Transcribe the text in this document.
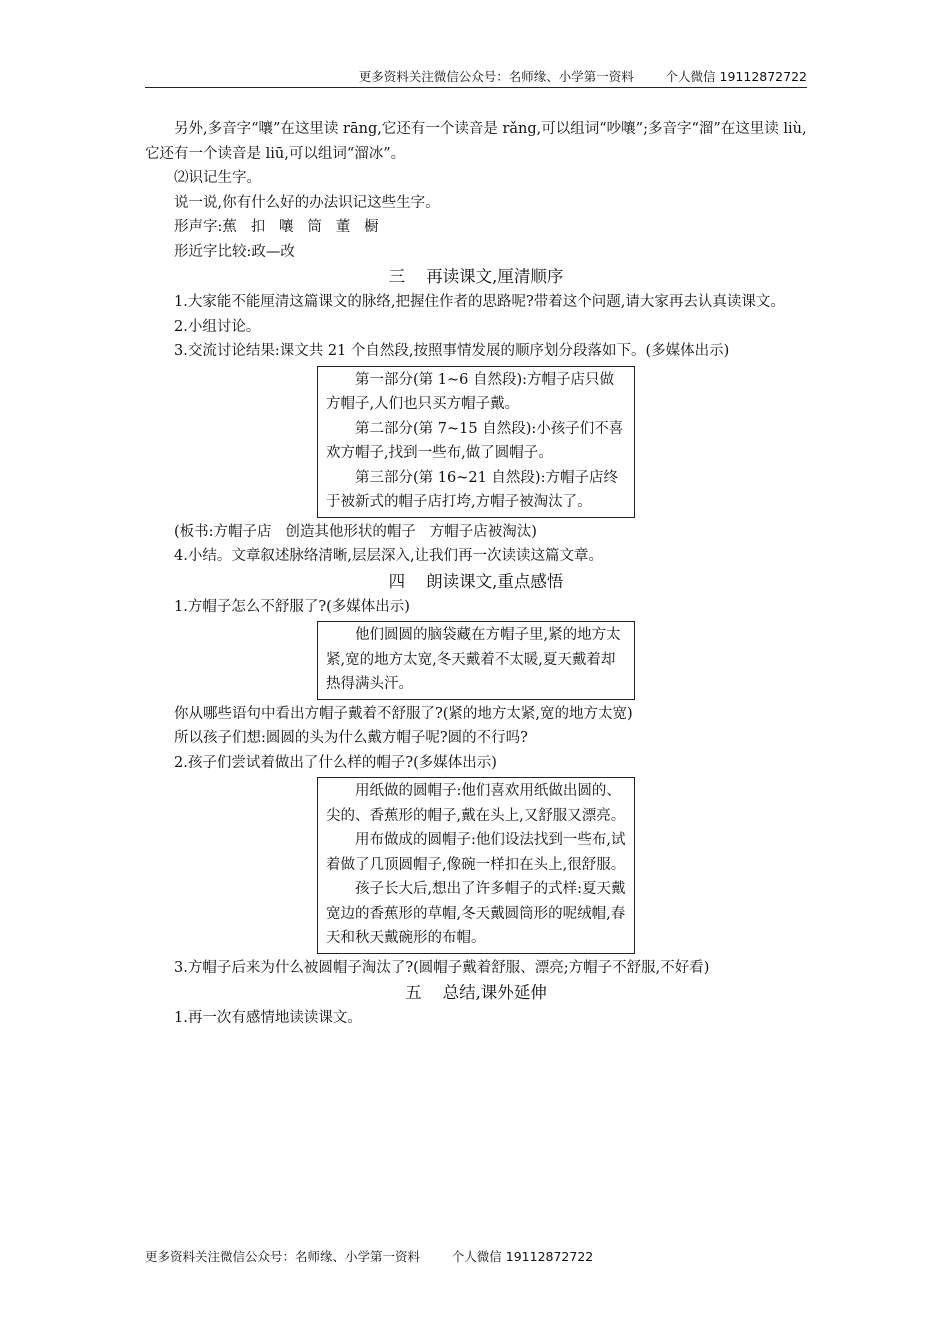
更多资料关注微信公众号：名师缘、小学第一资料        个人微信 19112872722

另外,多音字“嚷”在这里读 rāng,它还有一个读音是 rǎng,可以组词“吵嚷”;多音字“溜”在这里读 liù,它还有一个读音是 liū,可以组词“溜冰”。

⑵识记生字。

说一说,你有什么好的办法识记这些生字。

形声字:蕉   扣   嚷   筒   董   橱

形近字比较:政—改

三    再读课文,厘清顺序

1.大家能不能厘清这篇课文的脉络,把握住作者的思路呢?带着这个问题,请大家再去认真读课文。

2.小组讨论。

3.交流讨论结果:课文共 21 个自然段,按照事情发展的顺序划分段落如下。(多媒体出示)

第一部分(第 1~6 自然段):方帽子店只做方帽子,人们也只买方帽子戴。

第二部分(第 7~15 自然段):小孩子们不喜欢方帽子,找到一些布,做了圆帽子。

第三部分(第 16~21 自然段):方帽子店终于被新式的帽子店打垮,方帽子被淘汰了。

(板书:方帽子店   创造其他形状的帽子   方帽子店被淘汰)

4.小结。文章叙述脉络清晰,层层深入,让我们再一次读读这篇文章。

四    朗读课文,重点感悟

1.方帽子怎么不舒服了?(多媒体出示)

他们圆圆的脑袋藏在方帽子里,紧的地方太紧,宽的地方太宽,冬天戴着不太暖,夏天戴着却热得满头汗。

你从哪些语句中看出方帽子戴着不舒服了?(紧的地方太紧,宽的地方太宽)

所以孩子们想:圆圆的头为什么戴方帽子呢?圆的不行吗?

2.孩子们尝试着做出了什么样的帽子?(多媒体出示)

用纸做的圆帽子:他们喜欢用纸做出圆的、尖的、香蕉形的帽子,戴在头上,又舒服又漂亮。

用布做成的圆帽子:他们设法找到一些布,试着做了几顶圆帽子,像碗一样扣在头上,很舒服。

孩子长大后,想出了许多帽子的式样:夏天戴宽边的香蕉形的草帽,冬天戴圆筒形的呢绒帽,春天和秋天戴碗形的布帽。

3.方帽子后来为什么被圆帽子淘汰了?(圆帽子戴着舒服、漂亮;方帽子不舒服,不好看)

五    总结,课外延伸

1.再一次有感情地读读课文。

更多资料关注微信公众号：名师缘、小学第一资料        个人微信 19112872722
